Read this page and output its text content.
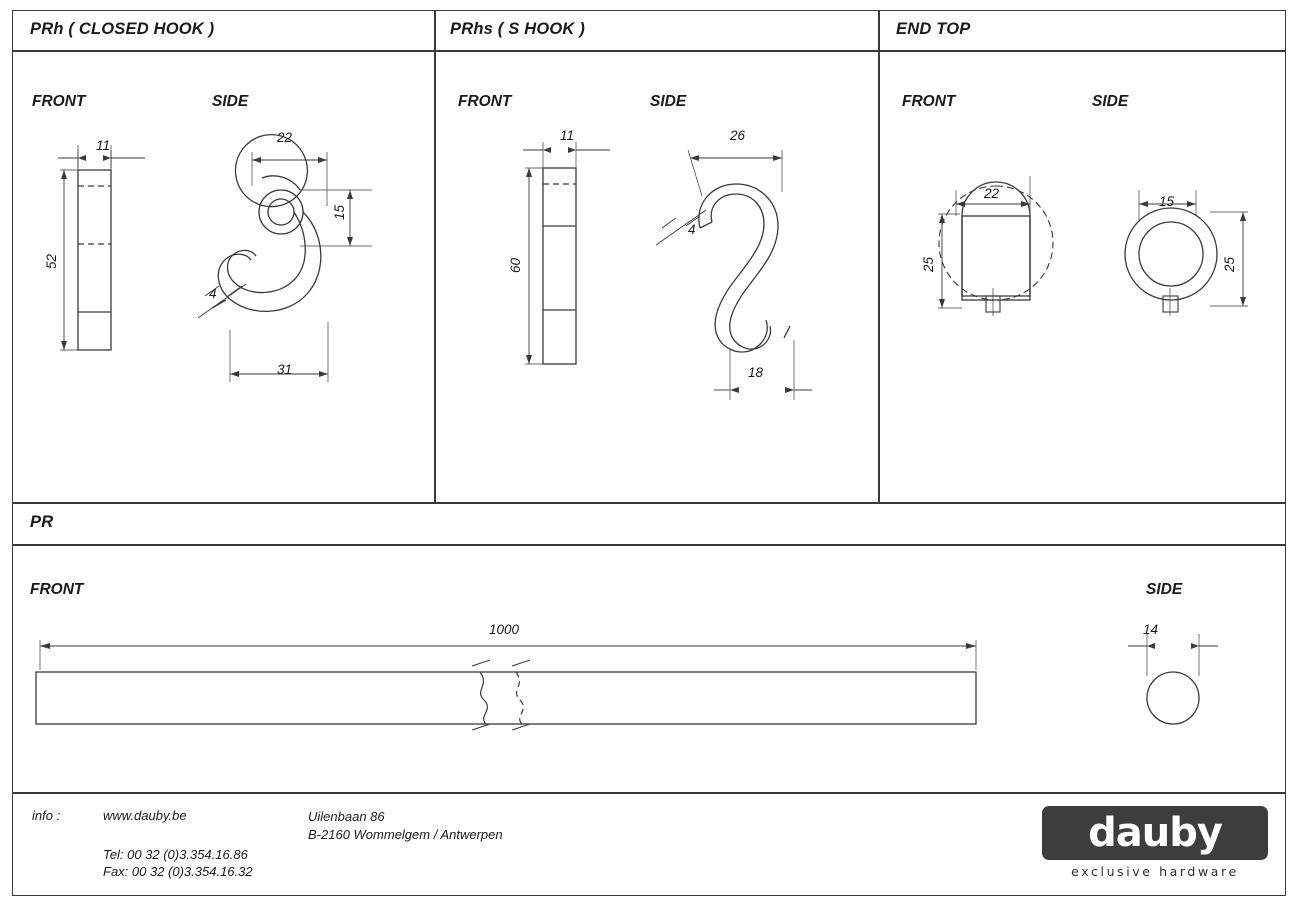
PRh ( CLOSED HOOK )	PRhs ( S HOOK )	END TOP
PR
FRONT	SIDE	FRONT	SIDE	FRONT	SIDE
FRONT	SIDE
11
52
22
15
4
31
11
60
26
4
18
22
25
15
25
1000	14
info :	www.dauby.be
Tel: 00 32 (0)3.354.16.86
Fax: 00 32 (0)3.354.16.32
Uilenbaan 86
B-2160 Wommelgem / Antwerpen	dauby
exclusive hardware
